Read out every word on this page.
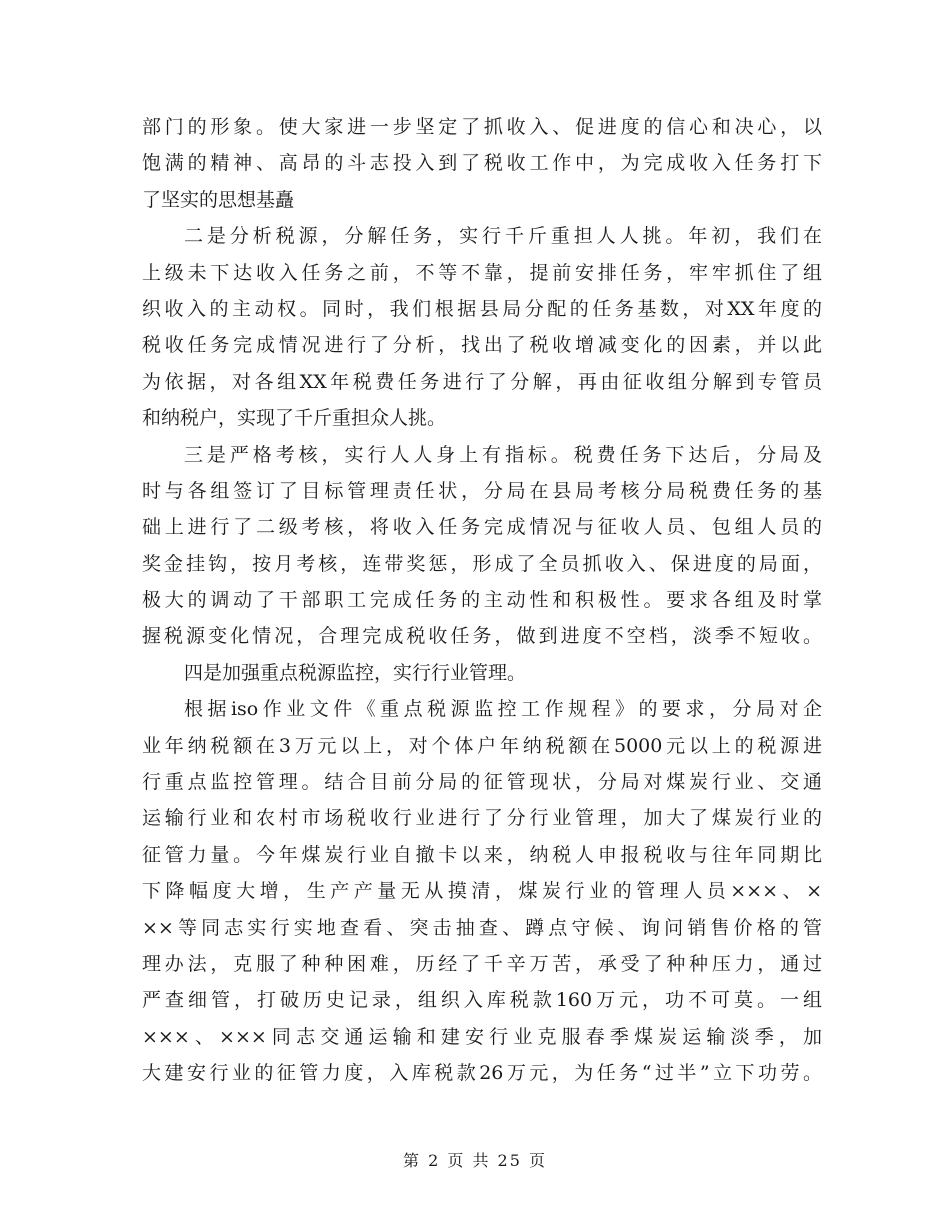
部门的形象。使大家进一步坚定了抓收入、促进度的信心和决心，以
饱满的精神、高昂的斗志投入到了税收工作中，为完成收入任务打下
了坚实的思想基矗
二是分析税源，分解任务，实行千斤重担人人挑。年初，我们在
上级未下达收入任务之前，不等不靠，提前安排任务，牢牢抓住了组
织收入的主动权。同时，我们根据县局分配的任务基数，对XX年度的
税收任务完成情况进行了分析，找出了税收增减变化的因素，并以此
为依据，对各组XX年税费任务进行了分解，再由征收组分解到专管员
和纳税户，实现了千斤重担众人挑。
三是严格考核，实行人人身上有指标。税费任务下达后，分局及
时与各组签订了目标管理责任状，分局在县局考核分局税费任务的基
础上进行了二级考核，将收入任务完成情况与征收人员、包组人员的
奖金挂钩，按月考核，连带奖惩，形成了全员抓收入、保进度的局面，
极大的调动了干部职工完成任务的主动性和积极性。要求各组及时掌
握税源变化情况，合理完成税收任务，做到进度不空档，淡季不短收。
四是加强重点税源监控，实行行业管理。
根据iso作业文件《重点税源监控工作规程》的要求，分局对企
业年纳税额在3万元以上，对个体户年纳税额在5000元以上的税源进
行重点监控管理。结合目前分局的征管现状，分局对煤炭行业、交通
运输行业和农村市场税收行业进行了分行业管理，加大了煤炭行业的
征管力量。今年煤炭行业自撤卡以来，纳税人申报税收与往年同期比
下降幅度大增，生产产量无从摸清，煤炭行业的管理人员×××、×
××等同志实行实地查看、突击抽查、蹲点守候、询问销售价格的管
理办法，克服了种种困难，历经了千辛万苦，承受了种种压力，通过
严查细管，打破历史记录，组织入库税款160万元，功不可莫。一组
×××、×××同志交通运输和建安行业克服春季煤炭运输淡季，加
大建安行业的征管力度，入库税款26万元，为任务“过半”立下功劳。
第 2 页 共 25 页
